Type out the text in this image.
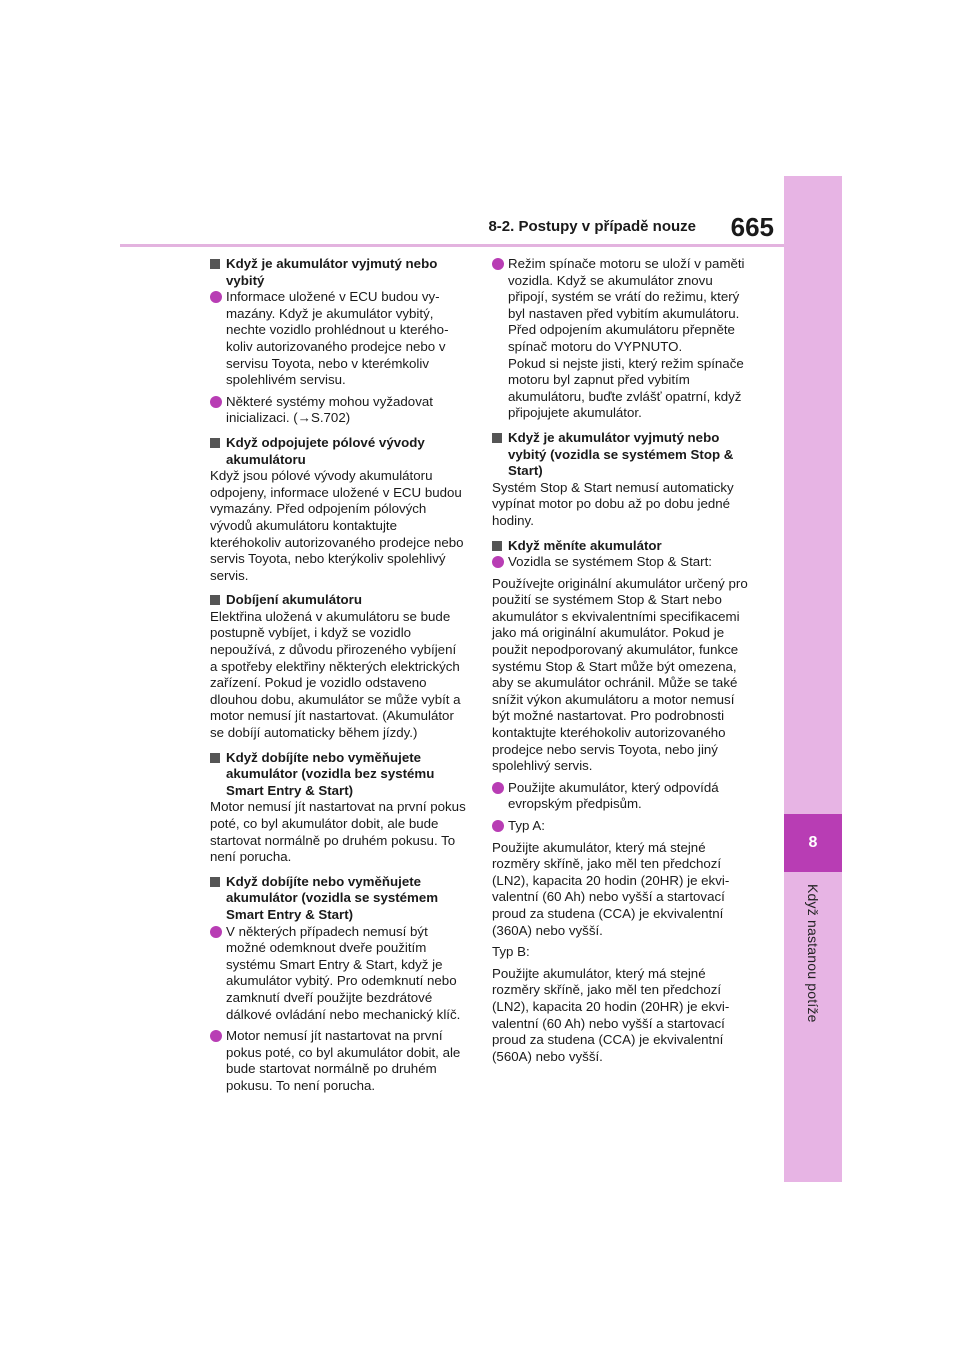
8
Když nastanou potíže
8-2. Postupy v případě nouze 665
Když je akumulátor vyjmutý nebo vybitý
Informace uložené v ECU budou vymazány. Když je akumulátor vybitý, nechte vozidlo prohlédnout u kteréhokoliv autorizovaného prodejce nebo v servisu Toyota, nebo v kterémkoliv spolehlivém servisu.
Některé systémy mohou vyžadovat inicializaci. (→S.702)
Když odpojujete pólové vývody akumulátoru
Když jsou pólové vývody akumulátoru odpojeny, informace uložené v ECU budou vymazány. Před odpojením pólových vývodů akumulátoru kontaktujte kteréhokoliv autorizovaného prodejce nebo servis Toyota, nebo kterýkoliv spolehlivý servis.
Dobíjení akumulátoru
Elektřina uložená v akumulátoru se bude postupně vybíjet, i když se vozidlo nepoužívá, z důvodu přirozeného vybíjení a spotřeby elektřiny některých elektrických zařízení. Pokud je vozidlo odstaveno dlouhou dobu, akumulátor se může vybít a motor nemusí jít nastartovat. (Akumulátor se dobíjí automaticky během jízdy.)
Když dobíjíte nebo vyměňujete akumulátor (vozidla bez systému Smart Entry & Start)
Motor nemusí jít nastartovat na první pokus poté, co byl akumulátor dobit, ale bude startovat normálně po druhém pokusu. To není porucha.
Když dobíjíte nebo vyměňujete akumulátor (vozidla se systémem Smart Entry & Start)
V některých případech nemusí být možné odemknout dveře použitím systému Smart Entry & Start, když je akumulátor vybitý. Pro odemknutí nebo zamknutí dveří použijte bezdrátové dálkové ovládání nebo mechanický klíč.
Motor nemusí jít nastartovat na první pokus poté, co byl akumulátor dobit, ale bude startovat normálně po druhém pokusu. To není porucha.
Režim spínače motoru se uloží v paměti vozidla. Když se akumulátor znovu připojí, systém se vrátí do režimu, který byl nastaven před vybitím akumulátoru. Před odpojením akumulátoru přepněte spínač motoru do VYPNUTO.
Pokud si nejste jisti, který režim spínače motoru byl zapnut před vybitím akumulátoru, buďte zvlášť opatrní, když připojujete akumulátor.
Když je akumulátor vyjmutý nebo vybitý (vozidla se systémem Stop & Start)
Systém Stop & Start nemusí automaticky vypínat motor po dobu až po dobu jedné hodiny.
Když měníte akumulátor
Vozidla se systémem Stop & Start:
Používejte originální akumulátor určený pro použití se systémem Stop & Start nebo akumulátor s ekvivalentními specifikacemi jako má originální akumulátor. Pokud je použit nepodporovaný akumulátor, funkce systému Stop & Start může být omezena, aby se akumulátor ochránil. Může se také snížit výkon akumulátoru a motor nemusí být možné nastartovat. Pro podrobnosti kontaktujte kteréhokoliv autorizovaného prodejce nebo servis Toyota, nebo jiný spolehlivý servis.
Použijte akumulátor, který odpovídá evropským předpisům.
Typ A:
Použijte akumulátor, který má stejné rozměry skříně, jako měl ten předchozí (LN2), kapacita 20 hodin (20HR) je ekvivalentní (60 Ah) nebo vyšší a startovací proud za studena (CCA) je ekvivalentní (360A) nebo vyšší.
Typ B:
Použijte akumulátor, který má stejné rozměry skříně, jako měl ten předchozí (LN2), kapacita 20 hodin (20HR) je ekvivalentní (60 Ah) nebo vyšší a startovací proud za studena (CCA) je ekvivalentní (560A) nebo vyšší.
